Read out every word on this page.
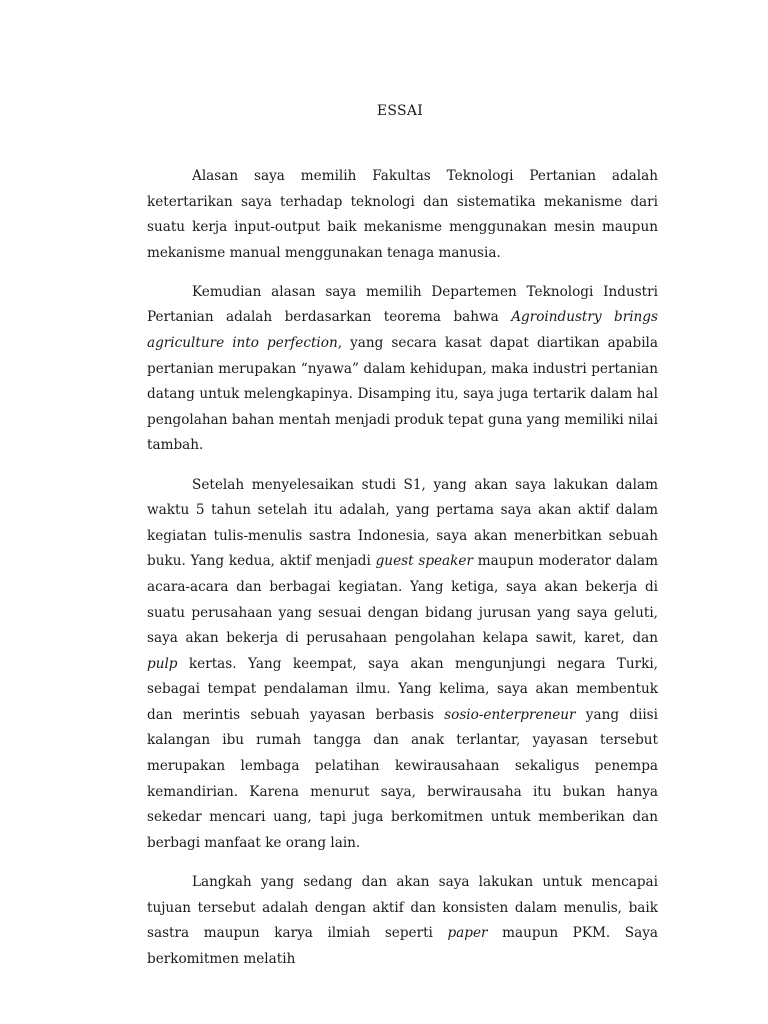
ESSAI

Alasan saya memilih Fakultas Teknologi Pertanian adalah ketertarikan saya terhadap teknologi dan sistematika mekanisme dari suatu kerja input-output baik mekanisme menggunakan mesin maupun mekanisme manual menggunakan tenaga manusia.

Kemudian alasan saya memilih Departemen Teknologi Industri Pertanian adalah berdasarkan teorema bahwa Agroindustry brings agriculture into perfection, yang secara kasat dapat diartikan apabila pertanian merupakan “nyawa” dalam kehidupan, maka industri pertanian datang untuk melengkapinya. Disamping itu, saya juga tertarik dalam hal pengolahan bahan mentah menjadi produk tepat guna yang memiliki nilai tambah.

Setelah menyelesaikan studi S1, yang akan saya lakukan dalam waktu 5 tahun setelah itu adalah, yang pertama saya akan aktif dalam kegiatan tulis-menulis sastra Indonesia, saya akan menerbitkan sebuah buku. Yang kedua, aktif menjadi guest speaker maupun moderator dalam acara-acara dan berbagai kegiatan. Yang ketiga, saya akan bekerja di suatu perusahaan yang sesuai dengan bidang jurusan yang saya geluti, saya akan bekerja di perusahaan pengolahan kelapa sawit, karet, dan pulp kertas. Yang keempat, saya akan mengunjungi negara Turki, sebagai tempat pendalaman ilmu. Yang kelima, saya akan membentuk dan merintis sebuah yayasan berbasis sosio-enterpreneur yang diisi kalangan ibu rumah tangga dan anak terlantar, yayasan tersebut merupakan lembaga pelatihan kewirausahaan sekaligus penempa kemandirian. Karena menurut saya, berwirausaha itu bukan hanya sekedar mencari uang, tapi juga berkomitmen untuk memberikan dan berbagi manfaat ke orang lain.

Langkah yang sedang dan akan saya lakukan untuk mencapai tujuan tersebut adalah dengan aktif dan konsisten dalam menulis, baik sastra maupun karya ilmiah seperti paper maupun PKM. Saya berkomitmen melatih
